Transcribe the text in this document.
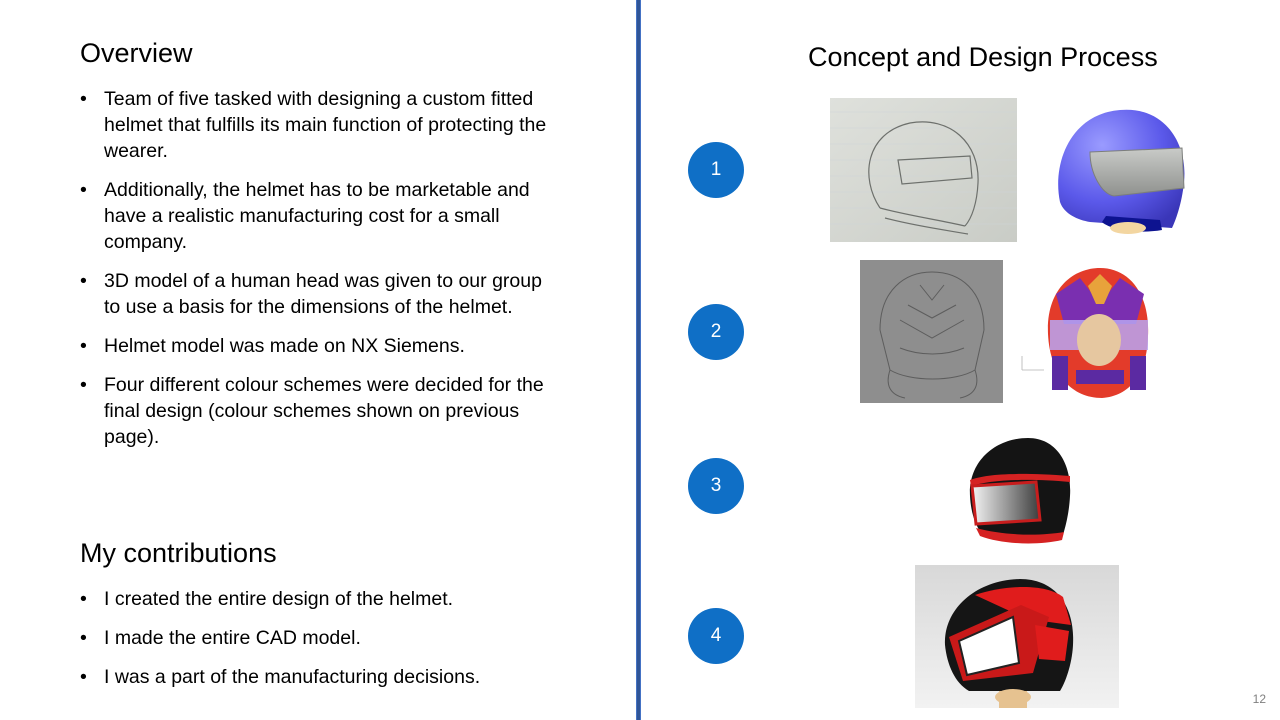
Overview
• Team of five tasked with designing a custom fitted helmet that fulfills its main function of protecting the wearer.
• Additionally, the helmet has to be marketable and have a realistic manufacturing cost for a small company.
• 3D model of a human head was given to our group to use a basis for the dimensions of the helmet.
• Helmet model was made on NX Siemens.
• Four different colour schemes were decided for the final design (colour schemes shown on previous page).
My contributions
• I created the entire design of the helmet.
• I made the entire CAD model.
• I was a part of the manufacturing decisions.
Concept and Design Process
1
2
3
4
12
